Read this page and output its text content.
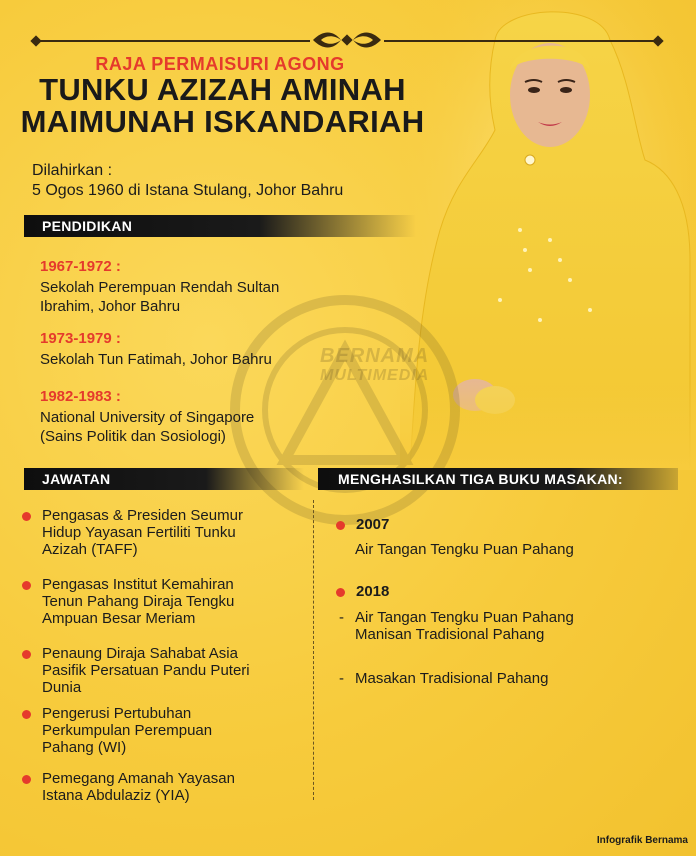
BERNAMA
MULTIMEDIA
RAJA PERMAISURI AGONG
TUNKU AZIZAH AMINAH
MAIMUNAH ISKANDARIAH
Dilahirkan :
5 Ogos 1960 di Istana Stulang, Johor Bahru
PENDIDIKAN
1967-1972 :
Sekolah Perempuan Rendah Sultan
Ibrahim, Johor Bahru
1973-1979 :
Sekolah Tun Fatimah, Johor Bahru
1982-1983 :
National University of Singapore
(Sains Politik dan Sosiologi)
JAWATAN
Pengasas & Presiden Seumur
Hidup Yayasan Fertiliti Tunku
Azizah (TAFF)
Pengasas Institut Kemahiran
Tenun Pahang Diraja Tengku
Ampuan Besar Meriam
Penaung Diraja Sahabat Asia
Pasifik Persatuan Pandu Puteri
Dunia
Pengerusi Pertubuhan
Perkumpulan Perempuan
Pahang (WI)
Pemegang Amanah Yayasan
Istana Abdulaziz (YIA)
MENGHASILKAN TIGA BUKU MASAKAN:
2007
Air Tangan Tengku Puan Pahang
2018
- Air Tangan Tengku Puan Pahang
Manisan Tradisional Pahang
- Masakan Tradisional Pahang
Infografik Bernama
